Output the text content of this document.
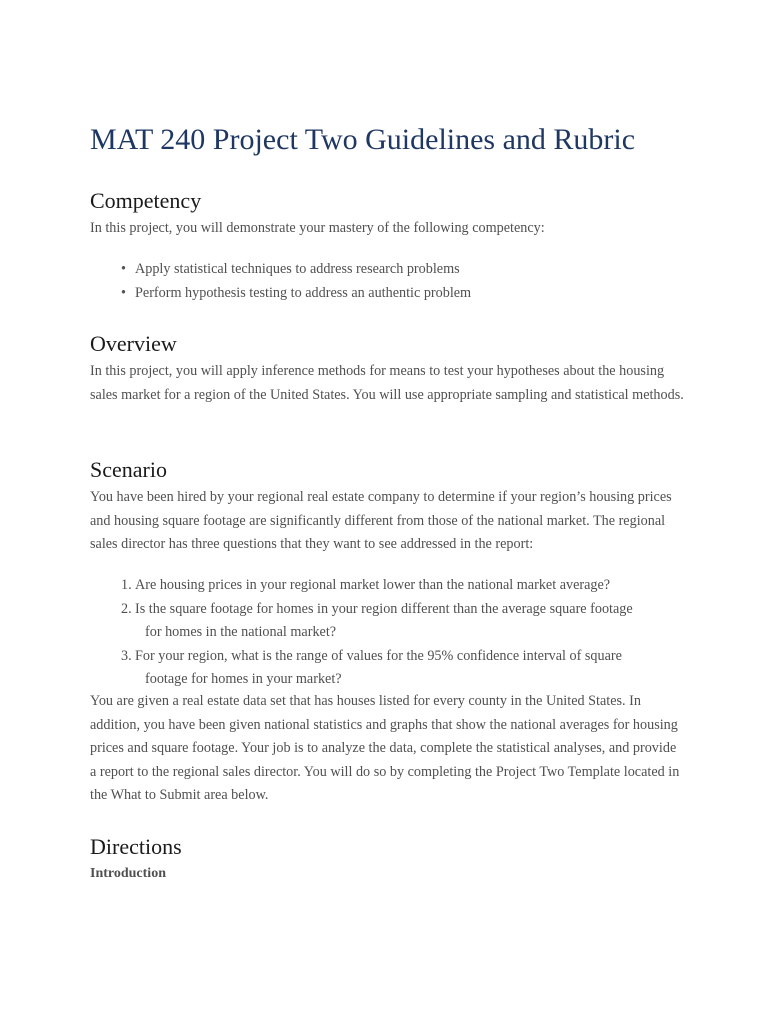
MAT 240 Project Two Guidelines and Rubric
Competency

In this project, you will demonstrate your mastery of the following competency:

• Apply statistical techniques to address research problems
• Perform hypothesis testing to address an authentic problem
Overview

In this project, you will apply inference methods for means to test your hypotheses about the housing sales market for a region of the United States. You will use appropriate sampling and statistical methods.

Scenario

You have been hired by your regional real estate company to determine if your region’s housing prices and housing square footage are significantly different from those of the national market. The regional sales director has three questions that they want to see addressed in the report:

1. Are housing prices in your regional market lower than the national market average?
2. Is the square footage for homes in your region different than the average square footage
for homes in the national market?
3. For your region, what is the range of values for the 95% confidence interval of square
footage for homes in your market?

You are given a real estate data set that has houses listed for every county in the United States. In addition, you have been given national statistics and graphs that show the national averages for housing prices and square footage. Your job is to analyze the data, complete the statistical analyses, and provide a report to the regional sales director. You will do so by completing the Project Two Template located in the What to Submit area below.

Directions
Introduction
